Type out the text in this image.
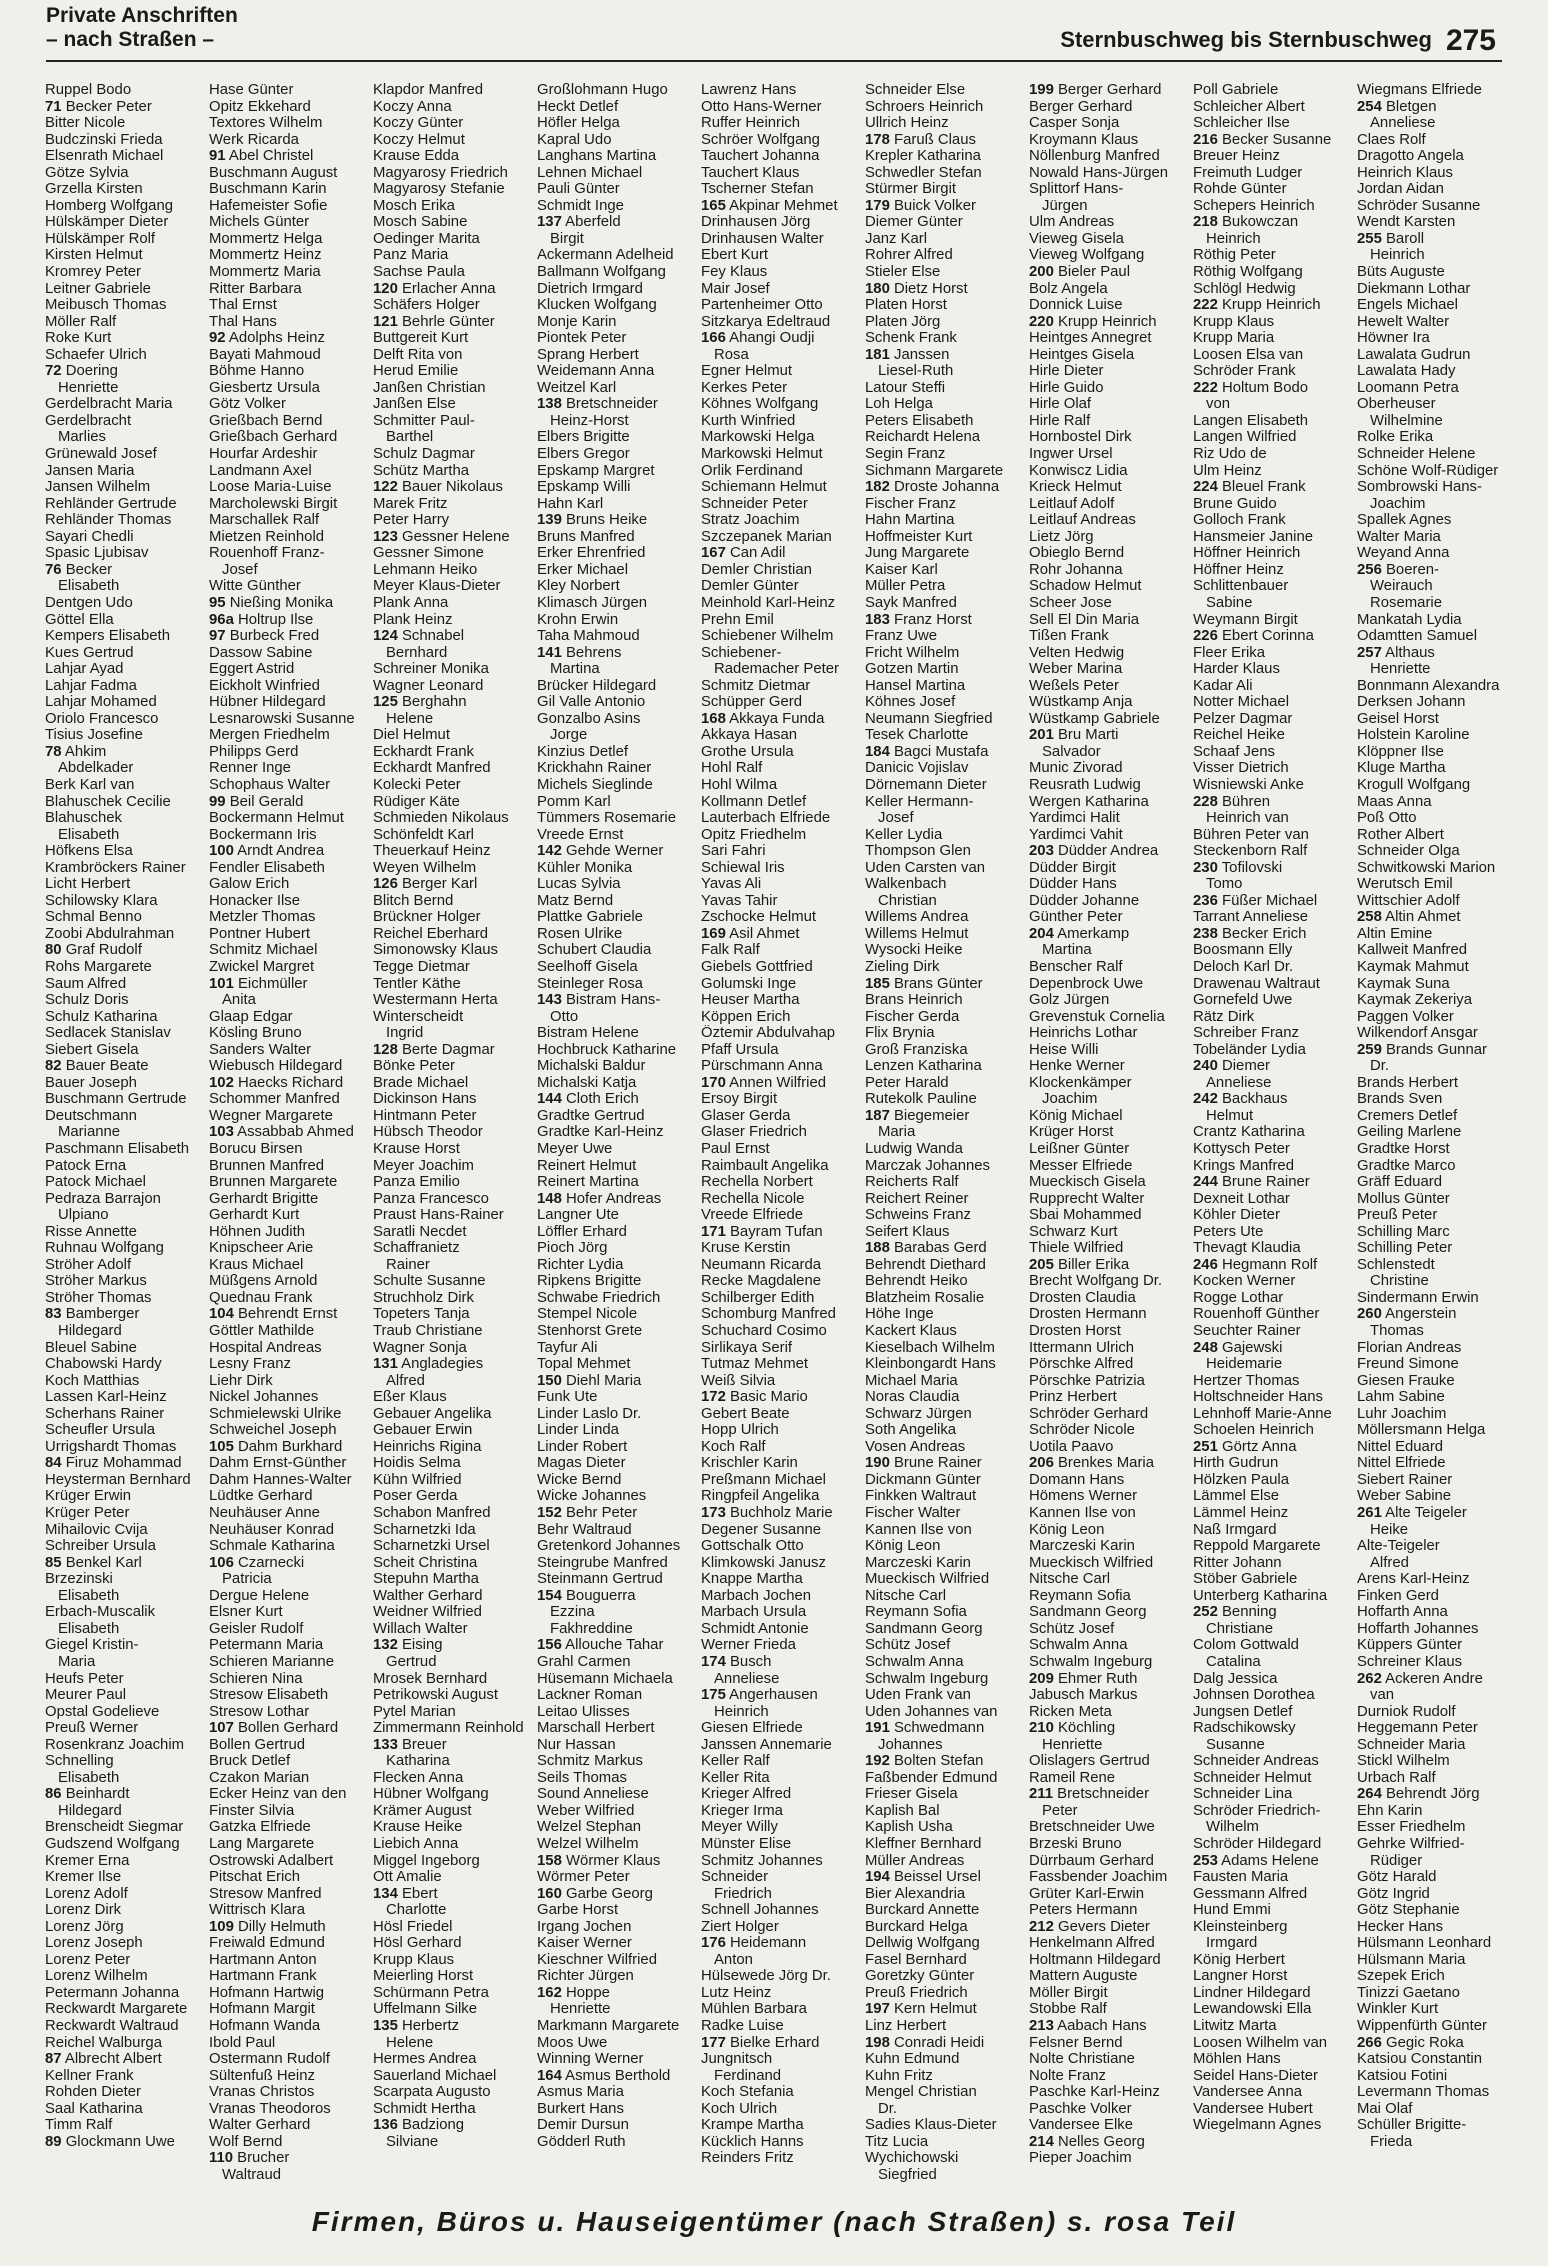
Private Anschriften
– nach Straßen –	Sternbuschweg bis Sternbuschweg 275
Ruppel Bodo
71 Becker Peter
Bitter Nicole
Budczinski Frieda
Elsenrath Michael
Götze Sylvia
Grzella Kirsten
Homberg Wolfgang
Hülskämper Dieter
Hülskämper Rolf
Kirsten Helmut
Kromrey Peter
Leitner Gabriele
Meibusch Thomas
Möller Ralf
Roke Kurt
Schaefer Ulrich
72 Doering
Henriette
Gerdelbracht Maria
Gerdelbracht
Marlies
Grünewald Josef
Jansen Maria
Jansen Wilhelm
Rehländer Gertrude
Rehländer Thomas
Sayari Chedli
Spasic Ljubisav
76 Becker
Elisabeth
Dentgen Udo
Göttel Ella
Kempers Elisabeth
Kues Gertrud
Lahjar Ayad
Lahjar Fadma
Lahjar Mohamed
Oriolo Francesco
Tisius Josefine
78 Ahkim
Abdelkader
Berk Karl van
Blahuschek Cecilie
Blahuschek
Elisabeth
Höfkens Elsa
Krambröckers Rainer
Licht Herbert
Schilowsky Klara
Schmal Benno
Zoobi Abdulrahman
80 Graf Rudolf
Rohs Margarete
Saum Alfred
Schulz Doris
Schulz Katharina
Sedlacek Stanislav
Siebert Gisela
82 Bauer Beate
Bauer Joseph
Buschmann Gertrude
Deutschmann
Marianne
Paschmann Elisabeth
Patock Erna
Patock Michael
Pedraza Barrajon
Ulpiano
Risse Annette
Ruhnau Wolfgang
Ströher Adolf
Ströher Markus
Ströher Thomas
83 Bamberger
Hildegard
Bleuel Sabine
Chabowski Hardy
Koch Matthias
Lassen Karl-Heinz
Scherhans Rainer
Scheufler Ursula
Urrigshardt Thomas
84 Firuz Mohammad
Heysterman Bernhard
Krüger Erwin
Krüger Peter
Mihailovic Cvija
Schreiber Ursula
85 Benkel Karl
Brzezinski
Elisabeth
Erbach-Muscalik
Elisabeth
Giegel Kristin-
Maria
Heufs Peter
Meurer Paul
Opstal Godelieve
Preuß Werner
Rosenkranz Joachim
Schnelling
Elisabeth
86 Beinhardt
Hildegard
Brenscheidt Siegmar
Gudszend Wolfgang
Kremer Erna
Kremer Ilse
Lorenz Adolf
Lorenz Dirk
Lorenz Jörg
Lorenz Joseph
Lorenz Peter
Lorenz Wilhelm
Petermann Johanna
Reckwardt Margarete
Reckwardt Waltraud
Reichel Walburga
87 Albrecht Albert
Kellner Frank
Rohden Dieter
Saal Katharina
Timm Ralf
89 Glockmann Uwe
Hase Günter
Opitz Ekkehard
Textores Wilhelm
Werk Ricarda
91 Abel Christel
Buschmann August
Buschmann Karin
Hafemeister Sofie
Michels Günter
Mommertz Helga
Mommertz Heinz
Mommertz Maria
Ritter Barbara
Thal Ernst
Thal Hans
92 Adolphs Heinz
Bayati Mahmoud
Böhme Hanno
Giesbertz Ursula
Götz Volker
Grießbach Bernd
Grießbach Gerhard
Hourfar Ardeshir
Landmann Axel
Loose Maria-Luise
Marcholewski Birgit
Marschallek Ralf
Mietzen Reinhold
Rouenhoff Franz-
Josef
Witte Günther
95 Nießing Monika
96a Holtrup Ilse
97 Burbeck Fred
Dassow Sabine
Eggert Astrid
Eickholt Winfried
Hübner Hildegard
Lesnarowski Susanne
Mergen Friedhelm
Philipps Gerd
Renner Inge
Schophaus Walter
99 Beil Gerald
Bockermann Helmut
Bockermann Iris
100 Arndt Andrea
Fendler Elisabeth
Galow Erich
Honacker Ilse
Metzler Thomas
Pontner Hubert
Schmitz Michael
Zwickel Margret
101 Eichmüller
Anita
Glaap Edgar
Kösling Bruno
Sanders Walter
Wiebusch Hildegard
102 Haecks Richard
Schommer Manfred
Wegner Margarete
103 Assabbab Ahmed
Borucu Birsen
Brunnen Manfred
Brunnen Margarete
Gerhardt Brigitte
Gerhardt Kurt
Höhnen Judith
Knipscheer Arie
Kraus Michael
Müßgens Arnold
Quednau Frank
104 Behrendt Ernst
Göttler Mathilde
Hospital Andreas
Lesny Franz
Liehr Dirk
Nickel Johannes
Schmielewski Ulrike
Schweichel Joseph
105 Dahm Burkhard
Dahm Ernst-Günther
Dahm Hannes-Walter
Lüdtke Gerhard
Neuhäuser Anne
Neuhäuser Konrad
Schmale Katharina
106 Czarnecki
Patricia
Dergue Helene
Elsner Kurt
Geisler Rudolf
Petermann Maria
Schieren Marianne
Schieren Nina
Stresow Elisabeth
Stresow Lothar
107 Bollen Gerhard
Bollen Gertrud
Bruck Detlef
Czakon Marian
Ecker Heinz van den
Finster Silvia
Gatzka Elfriede
Lang Margarete
Ostrowski Adalbert
Pitschat Erich
Stresow Manfred
Wittrisch Klara
109 Dilly Helmuth
Freiwald Edmund
Hartmann Anton
Hartmann Frank
Hofmann Hartwig
Hofmann Margit
Hofmann Wanda
Ibold Paul
Ostermann Rudolf
Sültenfuß Heinz
Vranas Christos
Vranas Theodoros
Walter Gerhard
Wolf Bernd
110 Brucher
Waltraud
Klapdor Manfred
Koczy Anna
Koczy Günter
Koczy Helmut
Krause Edda
Magyarosy Friedrich
Magyarosy Stefanie
Mosch Erika
Mosch Sabine
Oedinger Marita
Panz Maria
Sachse Paula
120 Erlacher Anna
Schäfers Holger
121 Behrle Günter
Buttgereit Kurt
Delft Rita von
Herud Emilie
Janßen Christian
Janßen Else
Schmitter Paul-
Barthel
Schulz Dagmar
Schütz Martha
122 Bauer Nikolaus
Marek Fritz
Peter Harry
123 Gessner Helene
Gessner Simone
Lehmann Heiko
Meyer Klaus-Dieter
Plank Anna
Plank Heinz
124 Schnabel
Bernhard
Schreiner Monika
Wagner Leonard
125 Berghahn
Helene
Diel Helmut
Eckhardt Frank
Eckhardt Manfred
Kolecki Peter
Rüdiger Käte
Schmieden Nikolaus
Schönfeldt Karl
Theuerkauf Heinz
Weyen Wilhelm
126 Berger Karl
Blitch Bernd
Brückner Holger
Reichel Eberhard
Simonowsky Klaus
Tegge Dietmar
Tentler Käthe
Westermann Herta
Winterscheidt
Ingrid
128 Berte Dagmar
Bönke Peter
Brade Michael
Dickinson Hans
Hintmann Peter
Hübsch Theodor
Krause Horst
Meyer Joachim
Panza Emilio
Panza Francesco
Praust Hans-Rainer
Saratli Necdet
Schaffranietz
Rainer
Schulte Susanne
Struchholz Dirk
Topeters Tanja
Traub Christiane
Wagner Sonja
131 Angladegies
Alfred
Eßer Klaus
Gebauer Angelika
Gebauer Erwin
Heinrichs Rigina
Hoidis Selma
Kühn Wilfried
Poser Gerda
Schabon Manfred
Scharnetzki Ida
Scharnetzki Ursel
Scheit Christina
Stepuhn Martha
Walther Gerhard
Weidner Wilfried
Willach Walter
132 Eising
Gertrud
Mrosek Bernhard
Petrikowski August
Pytel Marian
Zimmermann Reinhold
133 Breuer
Katharina
Flecken Anna
Hübner Wolfgang
Krämer August
Krause Heike
Liebich Anna
Miggel Ingeborg
Ott Amalie
134 Ebert
Charlotte
Hösl Friedel
Hösl Gerhard
Krupp Klaus
Meierling Horst
Schürmann Petra
Uffelmann Silke
135 Herbertz
Helene
Hermes Andrea
Sauerland Michael
Scarpata Augusto
Schmidt Hertha
136 Badziong
Silviane
Großlohmann Hugo
Heckt Detlef
Höfler Helga
Kapral Udo
Langhans Martina
Lehnen Michael
Pauli Günter
Schmidt Inge
137 Aberfeld
Birgit
Ackermann Adelheid
Ballmann Wolfgang
Dietrich Irmgard
Klucken Wolfgang
Monje Karin
Piontek Peter
Sprang Herbert
Weidemann Anna
Weitzel Karl
138 Bretschneider
Heinz-Horst
Elbers Brigitte
Elbers Gregor
Epskamp Margret
Epskamp Willi
Hahn Karl
139 Bruns Heike
Bruns Manfred
Erker Ehrenfried
Erker Michael
Kley Norbert
Klimasch Jürgen
Krohn Erwin
Taha Mahmoud
141 Behrens
Martina
Brücker Hildegard
Gil Valle Antonio
Gonzalbo Asins
Jorge
Kinzius Detlef
Krickhahn Rainer
Michels Sieglinde
Pomm Karl
Tümmers Rosemarie
Vreede Ernst
142 Gehde Werner
Kühler Monika
Lucas Sylvia
Matz Bernd
Plattke Gabriele
Rosen Ulrike
Schubert Claudia
Seelhoff Gisela
Steinleger Rosa
143 Bistram Hans-
Otto
Bistram Helene
Hochbruck Katharine
Michalski Baldur
Michalski Katja
144 Cloth Erich
Gradtke Gertrud
Gradtke Karl-Heinz
Meyer Uwe
Reinert Helmut
Reinert Martina
148 Hofer Andreas
Langner Ute
Löffler Erhard
Pioch Jörg
Richter Lydia
Ripkens Brigitte
Schwabe Friedrich
Stempel Nicole
Stenhorst Grete
Tayfur Ali
Topal Mehmet
150 Diehl Maria
Funk Ute
Linder Laslo Dr.
Linder Linda
Linder Robert
Magas Dieter
Wicke Bernd
Wicke Johannes
152 Behr Peter
Behr Waltraud
Gretenkord Johannes
Steingrube Manfred
Steinmann Gertrud
154 Bouguerra
Ezzina
Fakhreddine
156 Allouche Tahar
Grahl Carmen
Hüsemann Michaela
Lackner Roman
Leitao Ulisses
Marschall Herbert
Nur Hassan
Schmitz Markus
Seils Thomas
Sound Anneliese
Weber Wilfried
Welzel Stephan
Welzel Wilhelm
158 Wörmer Klaus
Wörmer Peter
160 Garbe Georg
Garbe Horst
Irgang Jochen
Kaiser Werner
Kieschner Wilfried
Richter Jürgen
162 Hoppe
Henriette
Markmann Margarete
Moos Uwe
Winning Werner
164 Asmus Berthold
Asmus Maria
Burkert Hans
Demir Dursun
Gödderl Ruth
Lawrenz Hans
Otto Hans-Werner
Ruffer Heinrich
Schröer Wolfgang
Tauchert Johanna
Tauchert Klaus
Tscherner Stefan
165 Akpinar Mehmet
Drinhausen Jörg
Drinhausen Walter
Ebert Kurt
Fey Klaus
Mair Josef
Partenheimer Otto
Sitzkarya Edeltraud
166 Ahangi Oudji
Rosa
Egner Helmut
Kerkes Peter
Köhnes Wolfgang
Kurth Winfried
Markowski Helga
Markowski Helmut
Orlik Ferdinand
Schiemann Helmut
Schneider Peter
Stratz Joachim
Szczepanek Marian
167 Can Adil
Demler Christian
Demler Günter
Meinhold Karl-Heinz
Prehn Emil
Schiebener Wilhelm
Schiebener-
Rademacher Peter
Schmitz Dietmar
Schüpper Gerd
168 Akkaya Funda
Akkaya Hasan
Grothe Ursula
Hohl Ralf
Hohl Wilma
Kollmann Detlef
Lauterbach Elfriede
Opitz Friedhelm
Sari Fahri
Schiewal Iris
Yavas Ali
Yavas Tahir
Zschocke Helmut
169 Asil Ahmet
Falk Ralf
Giebels Gottfried
Golumski Inge
Heuser Martha
Köppen Erich
Öztemir Abdulvahap
Pfaff Ursula
Pürschmann Anna
170 Annen Wilfried
Ersoy Birgit
Glaser Gerda
Glaser Friedrich
Paul Ernst
Raimbault Angelika
Rechella Norbert
Rechella Nicole
Vreede Elfriede
171 Bayram Tufan
Kruse Kerstin
Neumann Ricarda
Recke Magdalene
Schilberger Edith
Schomburg Manfred
Schuchard Cosimo
Sirlikaya Serif
Tutmaz Mehmet
Weiß Silvia
172 Basic Mario
Gebert Beate
Hopp Ulrich
Koch Ralf
Krischler Karin
Preßmann Michael
Ringpfeil Angelika
173 Buchholz Marie
Degener Susanne
Gottschalk Otto
Klimkowski Janusz
Knappe Martha
Marbach Jochen
Marbach Ursula
Schmidt Antonie
Werner Frieda
174 Busch
Anneliese
175 Angerhausen
Heinrich
Giesen Elfriede
Janssen Annemarie
Keller Ralf
Keller Rita
Krieger Alfred
Krieger Irma
Meyer Willy
Münster Elise
Schmitz Johannes
Schneider
Friedrich
Schnell Johannes
Ziert Holger
176 Heidemann
Anton
Hülsewede Jörg Dr.
Lutz Heinz
Mühlen Barbara
Radke Luise
177 Bielke Erhard
Jungnitsch
Ferdinand
Koch Stefania
Koch Ulrich
Krampe Martha
Kücklich Hanns
Reinders Fritz
Schneider Else
Schroers Heinrich
Ullrich Heinz
178 Faruß Claus
Krepler Katharina
Schwedler Stefan
Stürmer Birgit
179 Buick Volker
Diemer Günter
Janz Karl
Rohrer Alfred
Stieler Else
180 Dietz Horst
Platen Horst
Platen Jörg
Schenk Frank
181 Janssen
Liesel-Ruth
Latour Steffi
Loh Helga
Peters Elisabeth
Reichardt Helena
Segin Franz
Sichmann Margarete
182 Droste Johanna
Fischer Franz
Hahn Martina
Hoffmeister Kurt
Jung Margarete
Kaiser Karl
Müller Petra
Sayk Manfred
183 Franz Horst
Franz Uwe
Fricht Wilhelm
Gotzen Martin
Hansel Martina
Köhnes Josef
Neumann Siegfried
Tesek Charlotte
184 Bagci Mustafa
Danicic Vojislav
Dörnemann Dieter
Keller Hermann-
Josef
Keller Lydia
Thompson Glen
Uden Carsten van
Walkenbach
Christian
Willems Andrea
Willems Helmut
Wysocki Heike
Zieling Dirk
185 Brans Günter
Brans Heinrich
Fischer Gerda
Flix Brynia
Groß Franziska
Lenzen Katharina
Peter Harald
Rutekolk Pauline
187 Biegemeier
Maria
Ludwig Wanda
Marczak Johannes
Reicherts Ralf
Reichert Reiner
Schweins Franz
Seifert Klaus
188 Barabas Gerd
Behrendt Diethard
Behrendt Heiko
Blatzheim Rosalie
Höhe Inge
Kackert Klaus
Kieselbach Wilhelm
Kleinbongardt Hans
Michael Maria
Noras Claudia
Schwarz Jürgen
Soth Angelika
Vosen Andreas
190 Brune Rainer
Dickmann Günter
Finkken Waltraut
Fischer Walter
Kannen Ilse von
König Leon
Marczeski Karin
Mueckisch Wilfried
Nitsche Carl
Reymann Sofia
Sandmann Georg
Schütz Josef
Schwalm Anna
Schwalm Ingeburg
Uden Frank van
Uden Johannes van
191 Schwedmann
Johannes
192 Bolten Stefan
Faßbender Edmund
Frieser Gisela
Kaplish Bal
Kaplish Usha
Kleffner Bernhard
Müller Andreas
194 Beissel Ursel
Bier Alexandria
Burckard Annette
Burckard Helga
Dellwig Wolfgang
Fasel Bernhard
Goretzky Günter
Preuß Friedrich
197 Kern Helmut
Linz Herbert
198 Conradi Heidi
Kuhn Edmund
Kuhn Fritz
Mengel Christian
Dr.
Sadies Klaus-Dieter
Titz Lucia
Wychichowski
Siegfried
199 Berger Gerhard
Berger Gerhard
Casper Sonja
Kroymann Klaus
Nöllenburg Manfred
Nowald Hans-Jürgen
Splittorf Hans-
Jürgen
Ulm Andreas
Vieweg Gisela
Vieweg Wolfgang
200 Bieler Paul
Bolz Angela
Donnick Luise
220 Krupp Heinrich
Heintges Annegret
Heintges Gisela
Hirle Dieter
Hirle Guido
Hirle Olaf
Hirle Ralf
Hornbostel Dirk
Ingwer Ursel
Konwiscz Lidia
Krieck Helmut
Leitlauf Adolf
Leitlauf Andreas
Lietz Jörg
Obieglo Bernd
Rohr Johanna
Schadow Helmut
Scheer Jose
Sell El Din Maria
Tißen Frank
Velten Hedwig
Weber Marina
Weßels Peter
Wüstkamp Anja
Wüstkamp Gabriele
201 Bru Marti
Salvador
Munic Zivorad
Reusrath Ludwig
Wergen Katharina
Yardimci Halit
Yardimci Vahit
203 Düdder Andrea
Düdder Birgit
Düdder Hans
Düdder Johanne
Günther Peter
204 Amerkamp
Martina
Benscher Ralf
Depenbrock Uwe
Golz Jürgen
Grevenstuk Cornelia
Heinrichs Lothar
Heise Willi
Henke Werner
Klockenkämper
Joachim
König Michael
Krüger Horst
Leißner Günter
Messer Elfriede
Mueckisch Gisela
Rupprecht Walter
Sbai Mohammed
Schwarz Kurt
Thiele Wilfried
205 Biller Erika
Brecht Wolfgang Dr.
Drosten Claudia
Drosten Hermann
Drosten Horst
Ittermann Ulrich
Pörschke Alfred
Pörschke Patrizia
Prinz Herbert
Schröder Gerhard
Schröder Nicole
Uotila Paavo
206 Brenkes Maria
Domann Hans
Hömens Werner
Kannen Ilse von
König Leon
Marczeski Karin
Mueckisch Wilfried
Nitsche Carl
Reymann Sofia
Sandmann Georg
Schütz Josef
Schwalm Anna
Schwalm Ingeburg
209 Ehmer Ruth
Jabusch Markus
Ricken Meta
210 Köchling
Henriette
Olislagers Gertrud
Rameil Rene
211 Bretschneider
Peter
Bretschneider Uwe
Brzeski Bruno
Dürrbaum Gerhard
Fassbender Joachim
Grüter Karl-Erwin
Peters Hermann
212 Gevers Dieter
Henkelmann Alfred
Holtmann Hildegard
Mattern Auguste
Möller Birgit
Stobbe Ralf
213 Aabach Hans
Felsner Bernd
Nolte Christiane
Nolte Franz
Paschke Karl-Heinz
Paschke Volker
Vandersee Elke
214 Nelles Georg
Pieper Joachim
Poll Gabriele
Schleicher Albert
Schleicher Ilse
216 Becker Susanne
Breuer Heinz
Freimuth Ludger
Rohde Günter
Schepers Heinrich
218 Bukowczan
Heinrich
Röthig Peter
Röthig Wolfgang
Schlögl Hedwig
222 Krupp Heinrich
Krupp Klaus
Krupp Maria
Loosen Elsa van
Schröder Frank
222 Holtum Bodo
von
Langen Elisabeth
Langen Wilfried
Riz Udo de
Ulm Heinz
224 Bleuel Frank
Brune Guido
Golloch Frank
Hansmeier Janine
Höffner Heinrich
Höffner Heinz
Schlittenbauer
Sabine
Weymann Birgit
226 Ebert Corinna
Fleer Erika
Harder Klaus
Kadar Ali
Notter Michael
Pelzer Dagmar
Reichel Heike
Schaaf Jens
Visser Dietrich
Wisniewski Anke
228 Bühren
Heinrich van
Bühren Peter van
Steckenborn Ralf
230 Tofilovski
Tomo
236 Füßer Michael
Tarrant Anneliese
238 Becker Erich
Boosmann Elly
Deloch Karl Dr.
Drawenau Waltraut
Gornefeld Uwe
Rätz Dirk
Schreiber Franz
Tobeländer Lydia
240 Diemer
Anneliese
242 Backhaus
Helmut
Crantz Katharina
Kottysch Peter
Krings Manfred
244 Brune Rainer
Dexneit Lothar
Köhler Dieter
Peters Ute
Thevagt Klaudia
246 Hegmann Rolf
Kocken Werner
Rogge Lothar
Rouenhoff Günther
Seuchter Rainer
248 Gajewski
Heidemarie
Hertzer Thomas
Holtschneider Hans
Lehnhoff Marie-Anne
Schoelen Heinrich
251 Görtz Anna
Hirth Gudrun
Hölzken Paula
Lämmel Else
Lämmel Heinz
Naß Irmgard
Reppold Margarete
Ritter Johann
Stöber Gabriele
Unterberg Katharina
252 Benning
Christiane
Colom Gottwald
Catalina
Dalg Jessica
Johnsen Dorothea
Jungsen Detlef
Radschikowsky
Susanne
Schneider Andreas
Schneider Helmut
Schneider Lina
Schröder Friedrich-
Wilhelm
Schröder Hildegard
253 Adams Helene
Fausten Maria
Gessmann Alfred
Hund Emmi
Kleinsteinberg
Irmgard
König Herbert
Langner Horst
Lindner Hildegard
Lewandowski Ella
Litwitz Marta
Loosen Wilhelm van
Möhlen Hans
Seidel Hans-Dieter
Vandersee Anna
Vandersee Hubert
Wiegelmann Agnes
Wiegmans Elfriede
254 Bletgen
Anneliese
Claes Rolf
Dragotto Angela
Heinrich Klaus
Jordan Aidan
Schröder Susanne
Wendt Karsten
255 Baroll
Heinrich
Büts Auguste
Diekmann Lothar
Engels Michael
Hewelt Walter
Höwner Ira
Lawalata Gudrun
Lawalata Hady
Loomann Petra
Oberheuser
Wilhelmine
Rolke Erika
Schneider Helene
Schöne Wolf-Rüdiger
Sombrowski Hans-
Joachim
Spallek Agnes
Walter Maria
Weyand Anna
256 Boeren-
Weirauch
Rosemarie
Mankatah Lydia
Odamtten Samuel
257 Althaus
Henriette
Bonnmann Alexandra
Derksen Johann
Geisel Horst
Holstein Karoline
Klöppner Ilse
Kluge Martha
Krogull Wolfgang
Maas Anna
Poß Otto
Rother Albert
Schneider Olga
Schwitkowski Marion
Werutsch Emil
Wittschier Adolf
258 Altin Ahmet
Altin Emine
Kallweit Manfred
Kaymak Mahmut
Kaymak Suna
Kaymak Zekeriya
Paggen Volker
Wilkendorf Ansgar
259 Brands Gunnar
Dr.
Brands Herbert
Brands Sven
Cremers Detlef
Geiling Marlene
Gradtke Horst
Gradtke Marco
Gräff Eduard
Mollus Günter
Preuß Peter
Schilling Marc
Schilling Peter
Schlenstedt
Christine
Sindermann Erwin
260 Angerstein
Thomas
Florian Andreas
Freund Simone
Giesen Frauke
Lahm Sabine
Luhr Joachim
Möllersmann Helga
Nittel Eduard
Nittel Elfriede
Siebert Rainer
Weber Sabine
261 Alte Teigeler
Heike
Alte-Teigeler
Alfred
Arens Karl-Heinz
Finken Gerd
Hoffarth Anna
Hoffarth Johannes
Küppers Günter
Schreiner Klaus
262 Ackeren Andre
van
Durniok Rudolf
Heggemann Peter
Schneider Maria
Stickl Wilhelm
Urbach Ralf
264 Behrendt Jörg
Ehn Karin
Esser Friedhelm
Gehrke Wilfried-
Rüdiger
Götz Harald
Götz Ingrid
Götz Stephanie
Hecker Hans
Hülsmann Leonhard
Hülsmann Maria
Szepek Erich
Tinizzi Gaetano
Winkler Kurt
Wippenfürth Günter
266 Gegic Roka
Katsiou Constantin
Katsiou Fotini
Levermann Thomas
Mai Olaf
Schüller Brigitte-
Frieda
Firmen, Büros u. Hauseigentümer (nach Straßen) s. rosa Teil
